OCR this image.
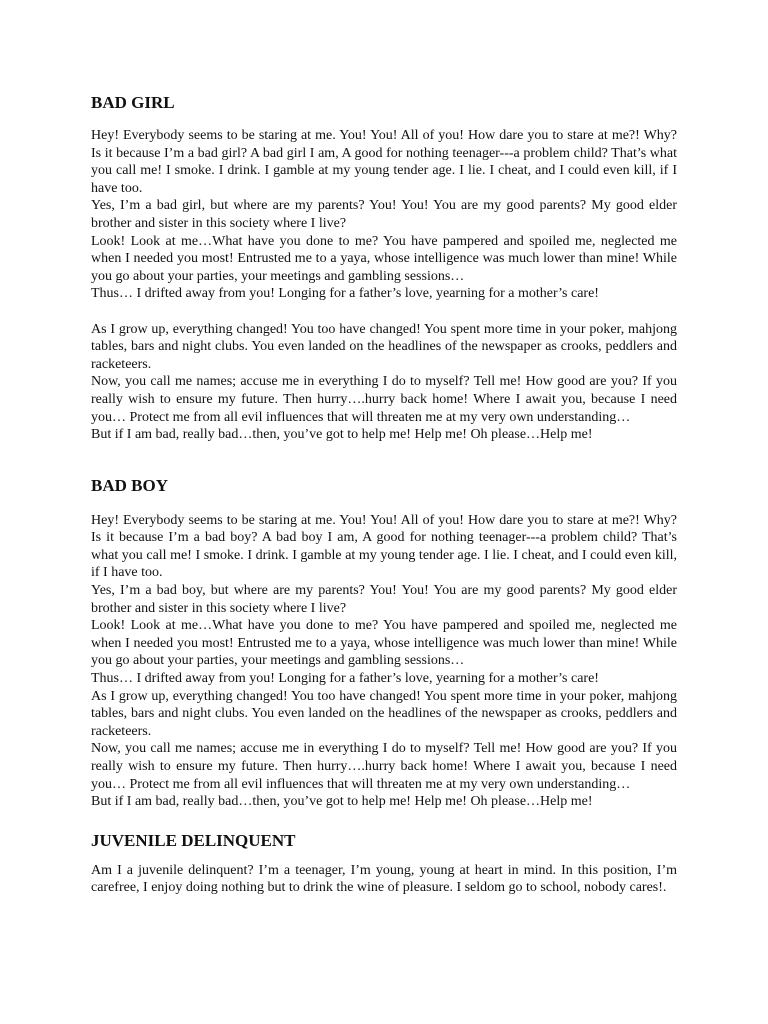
BAD GIRL

Hey! Everybody seems to be staring at me. You! You! All of you! How dare you to stare at me?! Why? Is it because I’m a bad girl? A bad girl I am, A good for nothing teenager---a problem child? That’s what you call me! I smoke. I drink. I gamble at my young tender age. I lie. I cheat, and I could even kill, if I have too.

Yes, I’m a bad girl, but where are my parents? You! You! You are my good parents? My good elder brother and sister in this society where I live?

Look! Look at me…What have you done to me? You have pampered and spoiled me, neglected me when I needed you most! Entrusted me to a yaya, whose intelligence was much lower than mine! While you go about your parties, your meetings and gambling sessions…

Thus… I drifted away from you! Longing for a father’s love, yearning for a mother’s care!

As I grow up, everything changed! You too have changed! You spent more time in your poker, mahjong tables, bars and night clubs. You even landed on the headlines of the newspaper as crooks, peddlers and racketeers.

Now, you call me names; accuse me in everything I do to myself? Tell me! How good are you? If you really wish to ensure my future. Then hurry….hurry back home! Where I await you, because I need you… Protect me from all evil influences that will threaten me at my very own understanding…

But if I am bad, really bad…then, you’ve got to help me! Help me! Oh please…Help me!

BAD BOY

Hey! Everybody seems to be staring at me. You! You! All of you! How dare you to stare at me?! Why? Is it because I’m a bad boy? A bad boy I am, A good for nothing teenager---a problem child? That’s what you call me! I smoke. I drink. I gamble at my young tender age. I lie. I cheat, and I could even kill, if I have too.

Yes, I’m a bad boy, but where are my parents? You! You! You are my good parents? My good elder brother and sister in this society where I live?

Look! Look at me…What have you done to me? You have pampered and spoiled me, neglected me when I needed you most! Entrusted me to a yaya, whose intelligence was much lower than mine! While you go about your parties, your meetings and gambling sessions…

Thus… I drifted away from you! Longing for a father’s love, yearning for a mother’s care!

As I grow up, everything changed! You too have changed! You spent more time in your poker, mahjong tables, bars and night clubs. You even landed on the headlines of the newspaper as crooks, peddlers and racketeers.

Now, you call me names; accuse me in everything I do to myself? Tell me! How good are you? If you really wish to ensure my future. Then hurry….hurry back home! Where I await you, because I need you… Protect me from all evil influences that will threaten me at my very own understanding…

But if I am bad, really bad…then, you’ve got to help me! Help me! Oh please…Help me!

JUVENILE DELINQUENT

Am I a juvenile delinquent? I’m a teenager, I’m young, young at heart in mind. In this position, I’m carefree, I enjoy doing nothing but to drink the wine of pleasure. I seldom go to school, nobody cares!.
